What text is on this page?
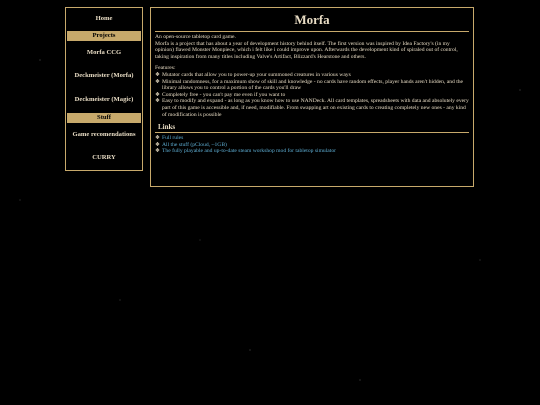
Home
Projects
Morfa CCG
Deckmeister (Morfa)
Deckmeister (Magic)
Stuff
Game recomendations
CURRY
Morfa
An open-source tabletop card game.
Morfa is a project that has about a year of development history behind itself. The first version was inspired by Idea Factory's (in my opinion) flawed Monster Monpiece, which i felt like i could improve upon. Afterwards the development kind of spiraled out of control, taking inspiration from many titles including Valve's Artifact, Blizzard's Hearstone and others.
Features:
❖ Mutator cards that allow you to power-up your summoned creatures in various ways
❖ Minimal randomness, for a maximum show of skill and knowledge - no cards have random effects, player hands aren't hidden, and the library allows you to control a portion of the cards you'll draw
❖ Completely free - you can't pay me even if you want to
❖ Easy to modify and expand - as long as you know how to use NANDeck. All card templates, spreadsheets with data and absolutely every part of this game is accessible and, if need, modifiable. From swapping art on existing cards to creating completely new ones - any kind of modification is possible
Links
❖ Full rules
❖ All the stuff (pCloud, ~1GB)
❖ The fully playable and up-to-date steam workshop mod for tabletop simulator
